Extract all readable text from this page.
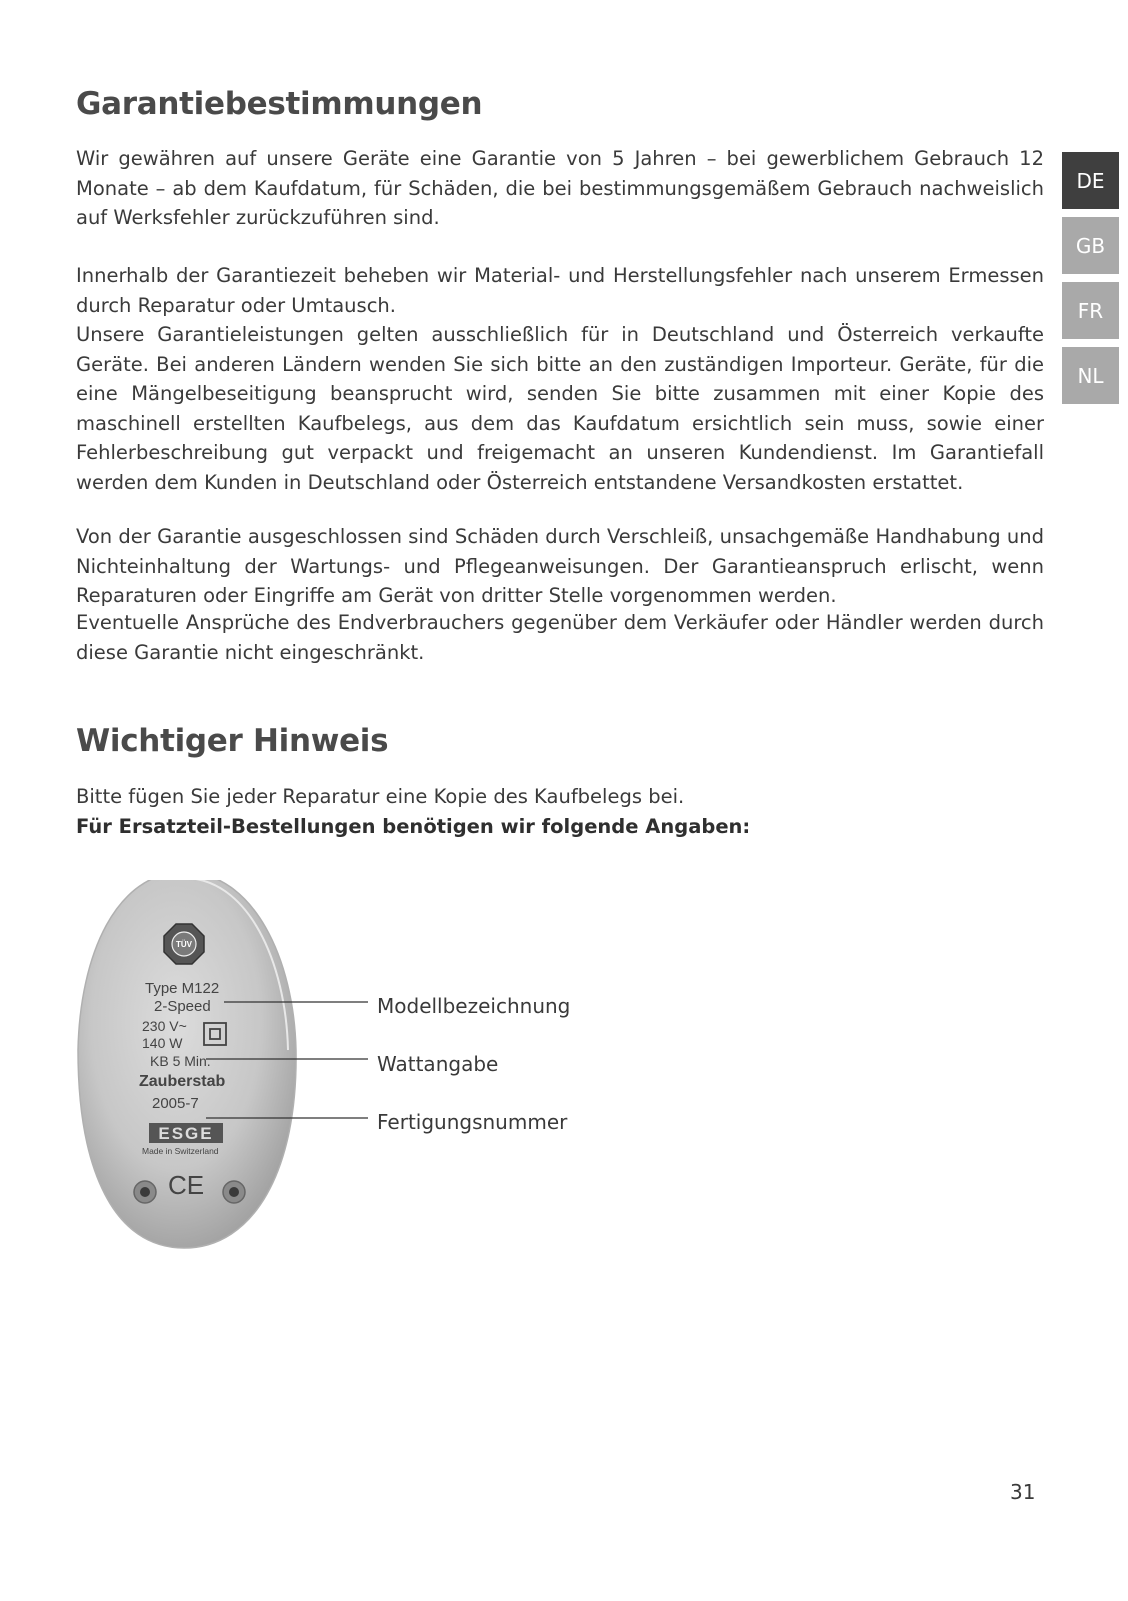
Garantiebestimmungen

Wir gewähren auf unsere Geräte eine Garantie von 5 Jahren – bei gewerblichem Gebrauch 12 Monate – ab dem Kaufdatum, für Schäden, die bei bestimmungsgemäßem Gebrauch nachweislich auf Werksfehler zurückzuführen sind.

Innerhalb der Garantiezeit beheben wir Material- und Herstellungsfehler nach unserem Ermessen durch Reparatur oder Umtausch.

Unsere Garantieleistungen gelten ausschließlich für in Deutschland und Österreich verkaufte Geräte. Bei anderen Ländern wenden Sie sich bitte an den zuständigen Importeur. Geräte, für die eine Mängelbeseitigung beansprucht wird, senden Sie bitte zusammen mit einer Kopie des maschinell erstellten Kaufbelegs, aus dem das Kaufdatum ersichtlich sein muss, sowie einer Fehlerbeschreibung gut verpackt und freigemacht an unseren Kundendienst. Im Garantiefall werden dem Kunden in Deutschland oder Österreich entstandene Versandkosten erstattet.

Von der Garantie ausgeschlossen sind Schäden durch Verschleiß, unsachgemäße Handhabung und Nichteinhaltung der Wartungs- und Pflegeanweisungen. Der Garantieanspruch erlischt, wenn Reparaturen oder Eingriffe am Gerät von dritter Stelle vorgenommen werden.

Eventuelle Ansprüche des Endverbrauchers gegenüber dem Verkäufer oder Händler werden durch diese Garantie nicht eingeschränkt.

Wichtiger Hinweis

Bitte fügen Sie jeder Reparatur eine Kopie des Kaufbelegs bei.

Für Ersatzteil-Bestellungen benötigen wir folgende Angaben:

DE
GB
FR
NL
TÜV
Type M122
2-Speed
230 V~
140 W
KB 5 Min.
Zauberstab
2005-7
ESGE
Made in Switzerland
CE
Modellbezeichnung
Wattangabe
Fertigungsnummer
31
